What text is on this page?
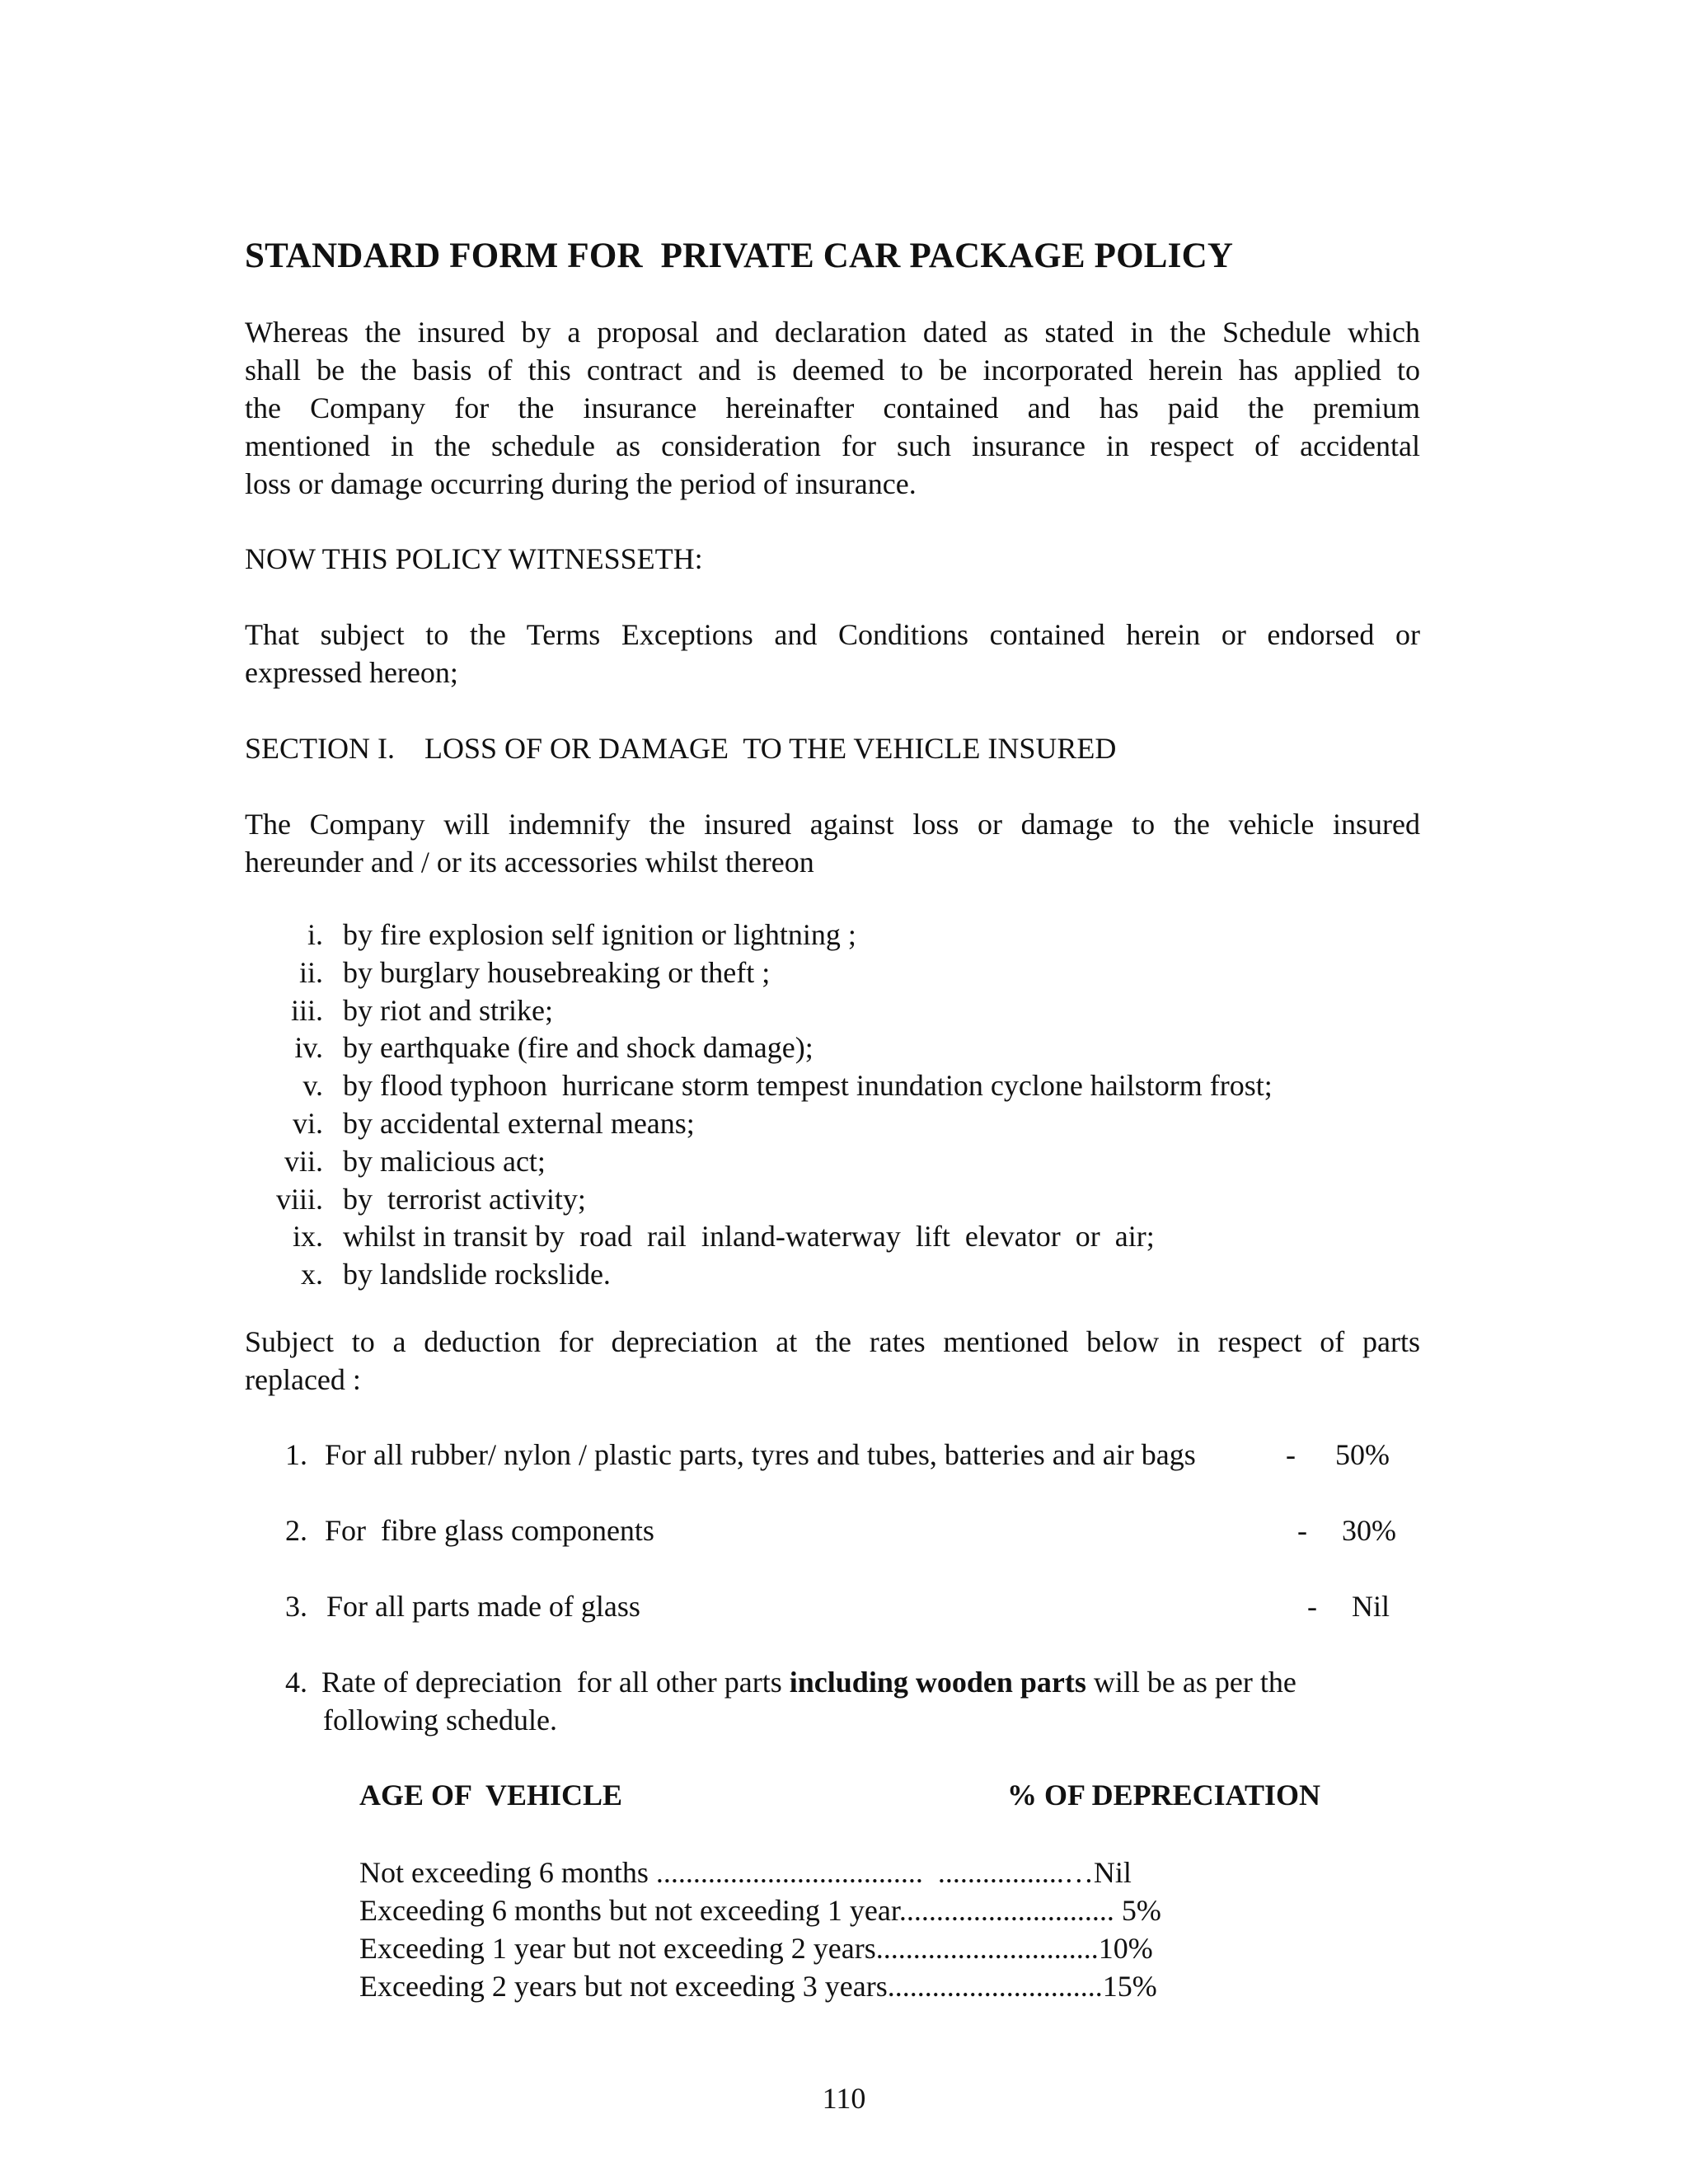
STANDARD FORM FOR  PRIVATE CAR PACKAGE POLICY
Whereas the insured by a proposal and declaration dated as stated in the Schedule which
shall be the basis of this contract and is deemed to be incorporated herein has applied to
the Company for the insurance hereinafter contained and has paid the premium
mentioned in the schedule as consideration for such insurance in respect of accidental
loss or damage occurring during the period of insurance.
NOW THIS POLICY WITNESSETH:
That subject to the Terms Exceptions and Conditions contained herein or endorsed or
expressed hereon;
SECTION I.    LOSS OF OR DAMAGE  TO THE VEHICLE INSURED
The Company will indemnify the insured against loss or damage to the vehicle insured
hereunder and / or its accessories whilst thereon
i. by fire explosion self ignition or lightning ;
ii. by burglary housebreaking or theft ;
iii. by riot and strike;
iv. by earthquake (fire and shock damage);
v. by flood typhoon  hurricane storm tempest inundation cyclone hailstorm frost;
vi. by accidental external means;
vii. by malicious act;
viii. by  terrorist activity;
ix. whilst in transit by  road  rail  inland-waterway  lift  elevator  or  air;
x. by landslide rockslide.
Subject to a deduction for depreciation at the rates mentioned below in respect of parts
replaced :
1. For all rubber/ nylon / plastic parts, tyres and tubes, batteries and air bags	- 50%
2. For  fibre glass components	- 30%
3. For all parts made of glass	- Nil
4. Rate of depreciation  for all other parts including wooden parts will be as per the
following schedule.
AGE OF  VEHICLE	% OF DEPRECIATION
Not exceeding 6 months ....................................  .................…Nil
Exceeding 6 months but not exceeding 1 year............................. 5%
Exceeding 1 year but not exceeding 2 years..............................10%
Exceeding 2 years but not exceeding 3 years.............................15%
110
